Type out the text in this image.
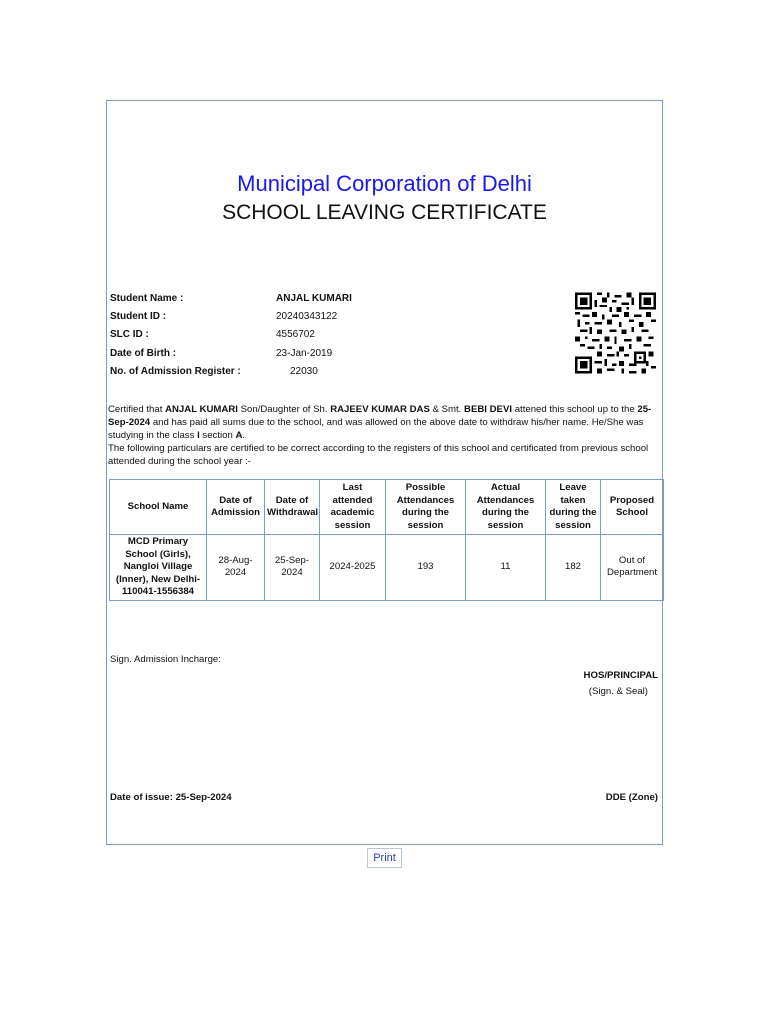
Municipal Corporation of Delhi
SCHOOL LEAVING CERTIFICATE
Student Name :	ANJAL KUMARI
Student ID :	20240343122
SLC ID :	4556702
Date of Birth :	23-Jan-2019
No. of Admission Register :	22030
Certified that ANJAL KUMARI Son/Daughter of Sh. RAJEEV KUMAR DAS & Smt. BEBI DEVI attened this school up to the 25-Sep-2024 and has paid all sums due to the school, and was allowed on the above date to withdraw his/her name. He/She was studying in the class I section A.
The following particulars are certified to be correct according to the registers of this school and certificated from previous school attended during the school year :-
School Name	Date of Admission	Date of Withdrawal	Last attended academic session	Possible Attendances during the session	Actual Attendances during the session	Leave taken during the session	Proposed School
MCD Primary School (Girls), Nangloi Village (Inner), New Delhi-110041-1556384	28-Aug-2024	25-Sep-2024	2024-2025	193	11	182	Out of Department
Sign. Admission Incharge:
HOS/PRINCIPAL
(Sign. & Seal)
Date of issue: 25-Sep-2024	DDE (Zone)
Print
